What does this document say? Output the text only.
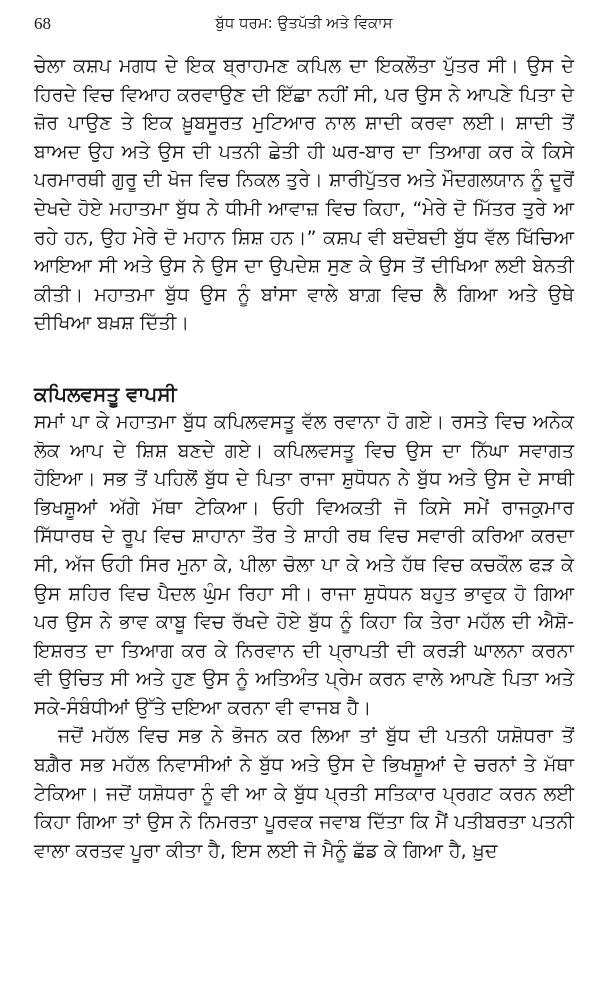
68	ਬੁੱਧ ਧਰਮ: ਉਤਪੱਤੀ ਅਤੇ ਵਿਕਾਸ

ਚੇਲਾ ਕਸ਼ਪ ਮਗਧ ਦੇ ਇਕ ਬ੍ਰਾਹਮਣ ਕਪਿਲ ਦਾ ਇਕਲੌਤਾ ਪੁੱਤਰ ਸੀ। ਉਸ ਦੇ ਹਿਰਦੇ ਵਿਚ ਵਿਆਹ ਕਰਵਾਉਣ ਦੀ ਇੱਛਾ ਨਹੀਂ ਸੀ, ਪਰ ਉਸ ਨੇ ਆਪਣੇ ਪਿਤਾ ਦੇ ਜ਼ੋਰ ਪਾਉਣ ਤੇ ਇਕ ਖ਼ੂਬਸੂਰਤ ਮੁਟਿਆਰ ਨਾਲ ਸ਼ਾਦੀ ਕਰਵਾ ਲਈ। ਸ਼ਾਦੀ ਤੋਂ ਬਾਅਦ ਉਹ ਅਤੇ ਉਸ ਦੀ ਪਤਨੀ ਛੇਤੀ ਹੀ ਘਰ-ਬਾਰ ਦਾ ਤਿਆਗ ਕਰ ਕੇ ਕਿਸੇ ਪਰਮਾਰਥੀ ਗੁਰੂ ਦੀ ਖੋਜ ਵਿਚ ਨਿਕਲ ਤੁਰੇ। ਸ਼ਾਰੀਪੁੱਤਰ ਅਤੇ ਮੌਦਗਲਯਾਨ ਨੂੰ ਦੂਰੋਂ ਦੇਖਦੇ ਹੋਏ ਮਹਾਤਮਾ ਬੁੱਧ ਨੇ ਧੀਮੀ ਆਵਾਜ਼ ਵਿਚ ਕਿਹਾ, “ਮੇਰੇ ਦੋ ਮਿੱਤਰ ਤੁਰੇ ਆ ਰਹੇ ਹਨ, ਉਹ ਮੇਰੇ ਦੋ ਮਹਾਨ ਸ਼ਿਸ਼ ਹਨ।” ਕਸ਼ਪ ਵੀ ਬਦੋਬਦੀ ਬੁੱਧ ਵੱਲ ਖਿੱਚਿਆ ਆਇਆ ਸੀ ਅਤੇ ਉਸ ਨੇ ਉਸ ਦਾ ਉਪਦੇਸ਼ ਸੁਣ ਕੇ ਉਸ ਤੋਂ ਦੀਖਿਆ ਲਈ ਬੇਨਤੀ ਕੀਤੀ। ਮਹਾਤਮਾ ਬੁੱਧ ਉਸ ਨੂੰ ਬਾਂਸਾ ਵਾਲੇ ਬਾਗ਼ ਵਿਚ ਲੈ ਗਿਆ ਅਤੇ ਉਥੇ ਦੀਖਿਆ ਬਖ਼ਸ਼ ਦਿੱਤੀ।

ਕਪਿਲਵਸਤੂ ਵਾਪਸੀ

ਸਮਾਂ ਪਾ ਕੇ ਮਹਾਤਮਾ ਬੁੱਧ ਕਪਿਲਵਸਤੂ ਵੱਲ ਰਵਾਨਾ ਹੋ ਗਏ। ਰਸਤੇ ਵਿਚ ਅਨੇਕ ਲੋਕ ਆਪ ਦੇ ਸ਼ਿਸ਼ ਬਣਦੇ ਗਏ। ਕਪਿਲਵਸਤੂ ਵਿਚ ਉਸ ਦਾ ਨਿੱਘਾ ਸਵਾਗਤ ਹੋਇਆ। ਸਭ ਤੋਂ ਪਹਿਲੋਂ ਬੁੱਧ ਦੇ ਪਿਤਾ ਰਾਜਾ ਸ਼ੁਧੋਧਨ ਨੇ ਬੁੱਧ ਅਤੇ ਉਸ ਦੇ ਸਾਥੀ ਭਿਖਸ਼ੂਆਂ ਅੱਗੇ ਮੱਥਾ ਟੇਕਿਆ। ਓਹੀ ਵਿਅਕਤੀ ਜੋ ਕਿਸੇ ਸਮੇਂ ਰਾਜਕੁਮਾਰ ਸਿੱਧਾਰਥ ਦੇ ਰੂਪ ਵਿਚ ਸ਼ਾਹਾਨਾ ਤੌਰ ਤੇ ਸ਼ਾਹੀ ਰਥ ਵਿਚ ਸਵਾਰੀ ਕਰਿਆ ਕਰਦਾ ਸੀ, ਅੱਜ ਓਹੀ ਸਿਰ ਮੁਨਾ ਕੇ, ਪੀਲਾ ਚੋਲਾ ਪਾ ਕੇ ਅਤੇ ਹੱਥ ਵਿਚ ਕਚਕੌਲ ਫੜ ਕੇ ਉਸ ਸ਼ਹਿਰ ਵਿਚ ਪੈਦਲ ਘੁੰਮ ਰਿਹਾ ਸੀ। ਰਾਜਾ ਸ਼ੁਧੋਧਨ ਬਹੁਤ ਭਾਵੁਕ ਹੋ ਗਿਆ ਪਰ ਉਸ ਨੇ ਭਾਵ ਕਾਬੂ ਵਿਚ ਰੱਖਦੇ ਹੋਏ ਬੁੱਧ ਨੂੰ ਕਿਹਾ ਕਿ ਤੇਰਾ ਮਹੱਲ ਦੀ ਐਸ਼ੋ-ਇਸ਼ਰਤ ਦਾ ਤਿਆਗ ਕਰ ਕੇ ਨਿਰਵਾਨ ਦੀ ਪ੍ਰਾਪਤੀ ਦੀ ਕਰੜੀ ਘਾਲਨਾ ਕਰਨਾ ਵੀ ਉਚਿਤ ਸੀ ਅਤੇ ਹੁਣ ਉਸ ਨੂੰ ਅਤਿਅੰਤ ਪ੍ਰੇਮ ਕਰਨ ਵਾਲੇ ਆਪਣੇ ਪਿਤਾ ਅਤੇ ਸਕੇ-ਸੰਬੰਧੀਆਂ ਉੱਤੇ ਦਇਆ ਕਰਨਾ ਵੀ ਵਾਜਬ ਹੈ।

ਜਦੋਂ ਮਹੱਲ ਵਿਚ ਸਭ ਨੇ ਭੋਜਨ ਕਰ ਲਿਆ ਤਾਂ ਬੁੱਧ ਦੀ ਪਤਨੀ ਯਸ਼ੋਧਰਾ ਤੋਂ ਬਗ਼ੈਰ ਸਭ ਮਹੱਲ ਨਿਵਾਸੀਆਂ ਨੇ ਬੁੱਧ ਅਤੇ ਉਸ ਦੇ ਭਿਖਸ਼ੂਆਂ ਦੇ ਚਰਨਾਂ ਤੇ ਮੱਥਾ ਟੇਕਿਆ। ਜਦੋਂ ਯਸ਼ੋਧਰਾ ਨੂੰ ਵੀ ਆ ਕੇ ਬੁੱਧ ਪ੍ਰਤੀ ਸਤਿਕਾਰ ਪ੍ਰਗਟ ਕਰਨ ਲਈ ਕਿਹਾ ਗਿਆ ਤਾਂ ਉਸ ਨੇ ਨਿਮਰਤਾ ਪੂਰਵਕ ਜਵਾਬ ਦਿੱਤਾ ਕਿ ਮੈਂ ਪਤੀਬਰਤਾ ਪਤਨੀ ਵਾਲਾ ਕਰਤਵ ਪੂਰਾ ਕੀਤਾ ਹੈ, ਇਸ ਲਈ ਜੋ ਮੈਨੂੰ ਛੱਡ ਕੇ ਗਿਆ ਹੈ, ਖ਼ੁਦ
